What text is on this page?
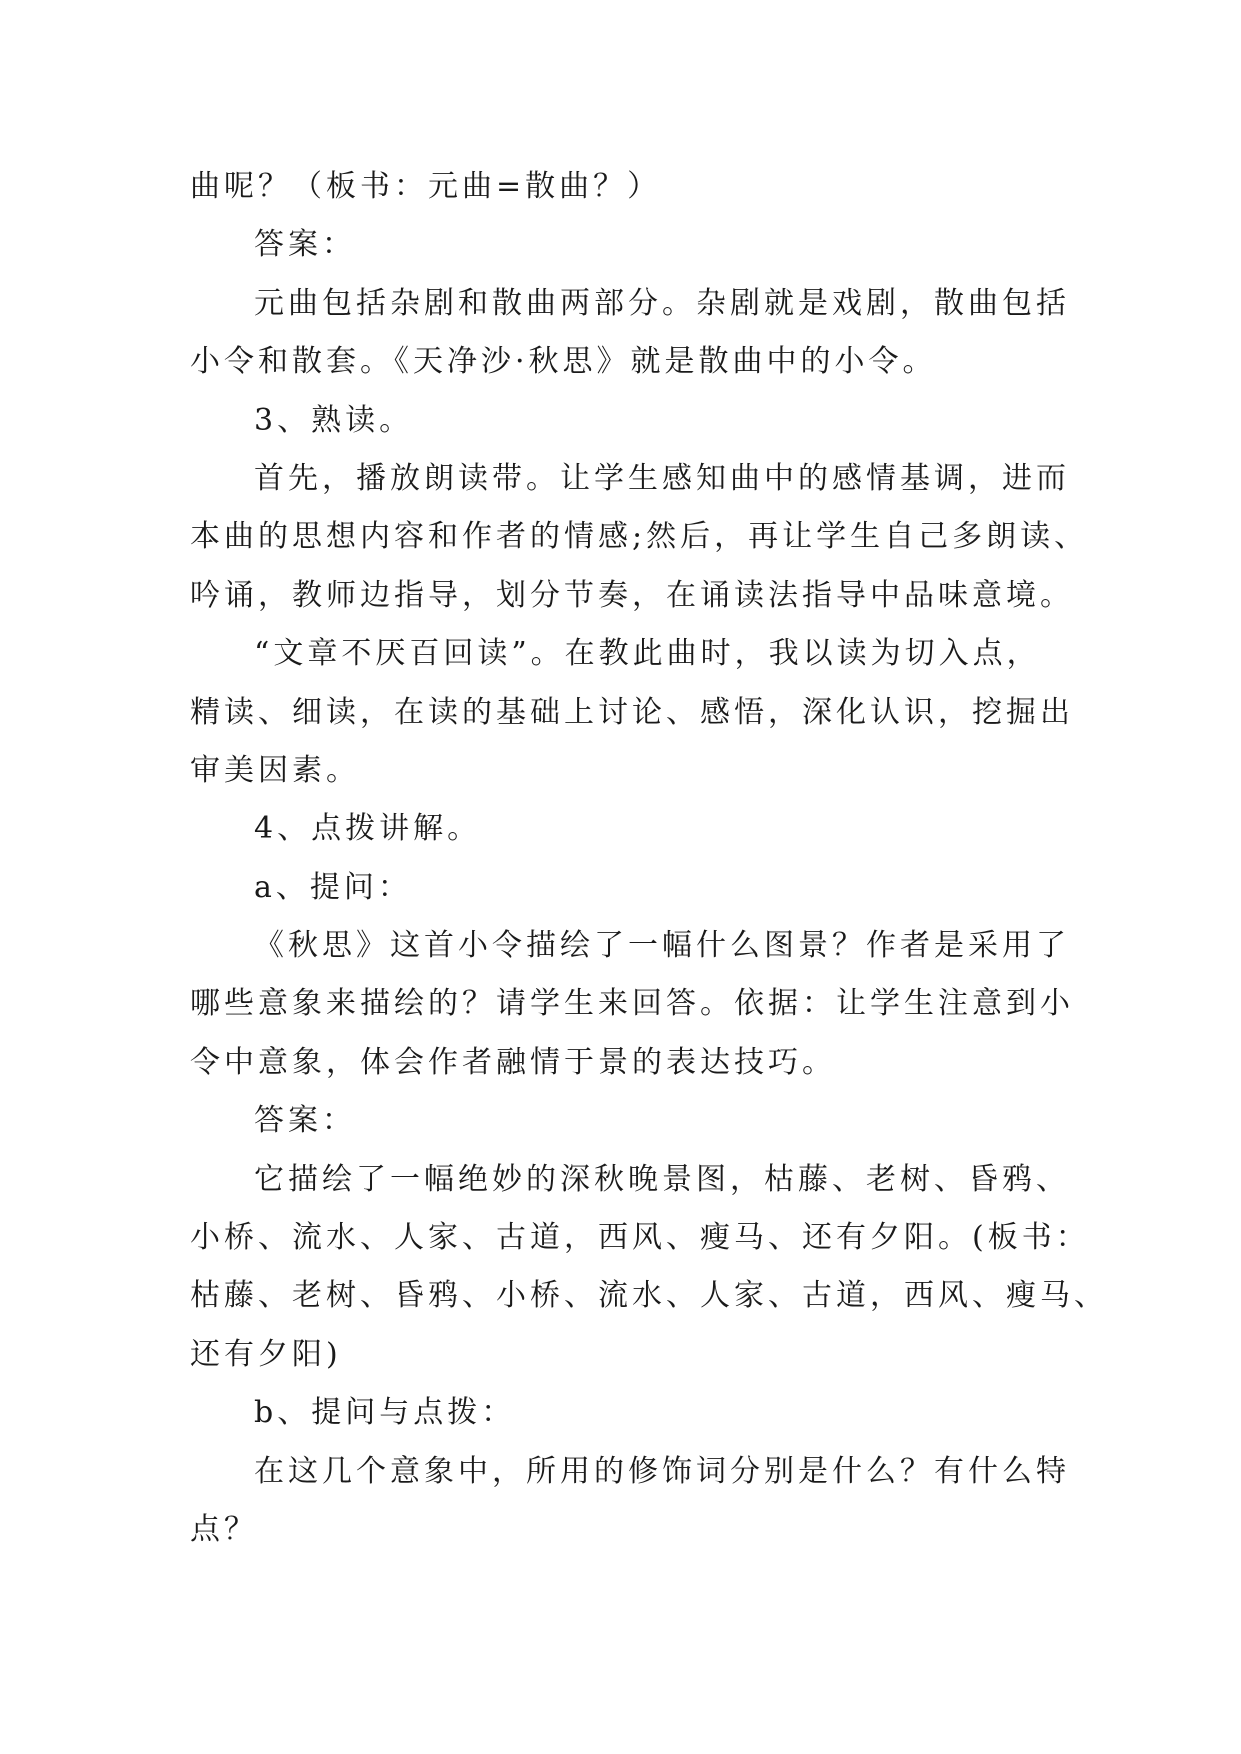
曲呢？（板书：元曲=散曲？）
答案：
元曲包括杂剧和散曲两部分。杂剧就是戏剧，散曲包括
小令和散套。《天净沙·秋思》就是散曲中的小令。
3、熟读。
首先，播放朗读带。让学生感知曲中的感情基调，进而
本曲的思想内容和作者的情感;然后，再让学生自己多朗读、
吟诵，教师边指导，划分节奏，在诵读法指导中品味意境。
“文章不厌百回读”。在教此曲时，我以读为切入点，
精读、细读，在读的基础上讨论、感悟，深化认识，挖掘出
审美因素。
4、点拨讲解。
a、提问：
《秋思》这首小令描绘了一幅什么图景？作者是采用了
哪些意象来描绘的？请学生来回答。依据：让学生注意到小
令中意象，体会作者融情于景的表达技巧。
答案：
它描绘了一幅绝妙的深秋晚景图，枯藤、老树、昏鸦、
小桥、流水、人家、古道，西风、瘦马、还有夕阳。(板书：
枯藤、老树、昏鸦、小桥、流水、人家、古道，西风、瘦马、
还有夕阳)
b、提问与点拨：
在这几个意象中，所用的修饰词分别是什么？有什么特
点？
